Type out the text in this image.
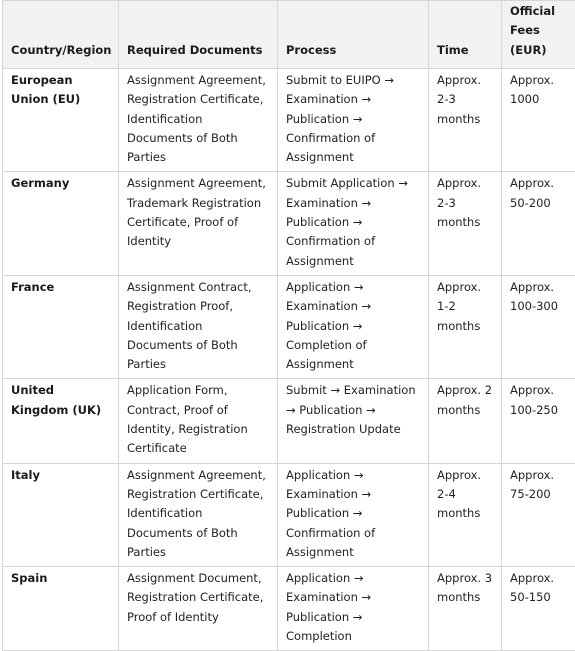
Country/Region	Required Documents	Process	Time	Official Fees (EUR)
European Union (EU)	Assignment Agreement, Registration Certificate, Identification Documents of Both Parties	Submit to EUIPO → Examination → Publication → Confirmation of Assignment	Approx. 2-3 months	Approx. 1000
Germany	Assignment Agreement, Trademark Registration Certificate, Proof of Identity	Submit Application → Examination → Publication → Confirmation of Assignment	Approx. 2-3 months	Approx. 50-200
France	Assignment Contract, Registration Proof, Identification Documents of Both Parties	Application → Examination → Publication → Completion of Assignment	Approx. 1-2 months	Approx. 100-300
United Kingdom (UK)	Application Form, Contract, Proof of Identity, Registration Certificate	Submit → Examination → Publication → Registration Update	Approx. 2 months	Approx. 100-250
Italy	Assignment Agreement, Registration Certificate, Identification Documents of Both Parties	Application → Examination → Publication → Confirmation of Assignment	Approx. 2-4 months	Approx. 75-200
Spain	Assignment Document, Registration Certificate, Proof of Identity	Application → Examination → Publication → Completion	Approx. 3 months	Approx. 50-150
